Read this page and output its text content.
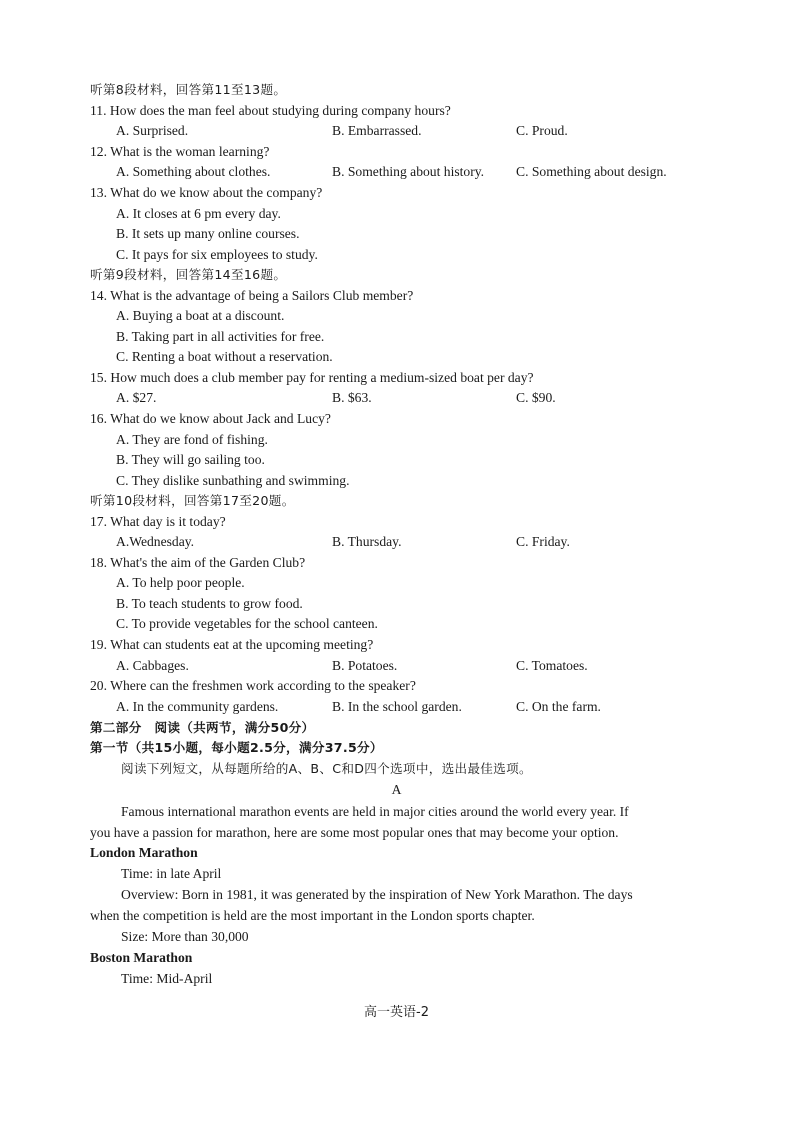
听第8段材料，回答第11至13题。
11. How does the man feel about studying during company hours?
A. Surprised.	B. Embarrassed.	C. Proud.
12. What is the woman learning?
A. Something about clothes.	B. Something about history. C. Something about design.
13. What do we know about the company?
A. It closes at 6 pm every day.
B. It sets up many online courses.
C. It pays for six employees to study.
听第9段材料，回答第14至16题。
14. What is the advantage of being a Sailors Club member?
A. Buying a boat at a discount.
B. Taking part in all activities for free.
C. Renting a boat without a reservation.
15. How much does a club member pay for renting a medium-sized boat per day?
A. $27.	B. $63.	C. $90.
16. What do we know about Jack and Lucy?
A. They are fond of fishing.
B. They will go sailing too.
C. They dislike sunbathing and swimming.
听第10段材料，回答第17至20题。
17. What day is it today?
A.Wednesday.	B. Thursday.	C. Friday.
18. What's the aim of the Garden Club?
A. To help poor people.
B. To teach students to grow food.
C. To provide vegetables for the school canteen.
19. What can students eat at the upcoming meeting?
A. Cabbages.	B. Potatoes.	C. Tomatoes.
20. Where can the freshmen work according to the speaker?
A. In the community gardens.	B. In the school garden.	C. On the farm.
第二部分　阅读（共两节，满分50分）
第一节（共15小题，每小题2.5分，满分37.5分）
阅读下列短文，从每题所给的A、B、C和D四个选项中，选出最佳选项。
A
Famous international marathon events are held in major cities around the world every year. If
you have a passion for marathon, here are some most popular ones that may become your option.
London Marathon
Time: in late April
Overview: Born in 1981, it was generated by the inspiration of New York Marathon. The days
when the competition is held are the most important in the London sports chapter.
Size: More than 30,000
Boston Marathon
Time: Mid-April
高一英语-2
